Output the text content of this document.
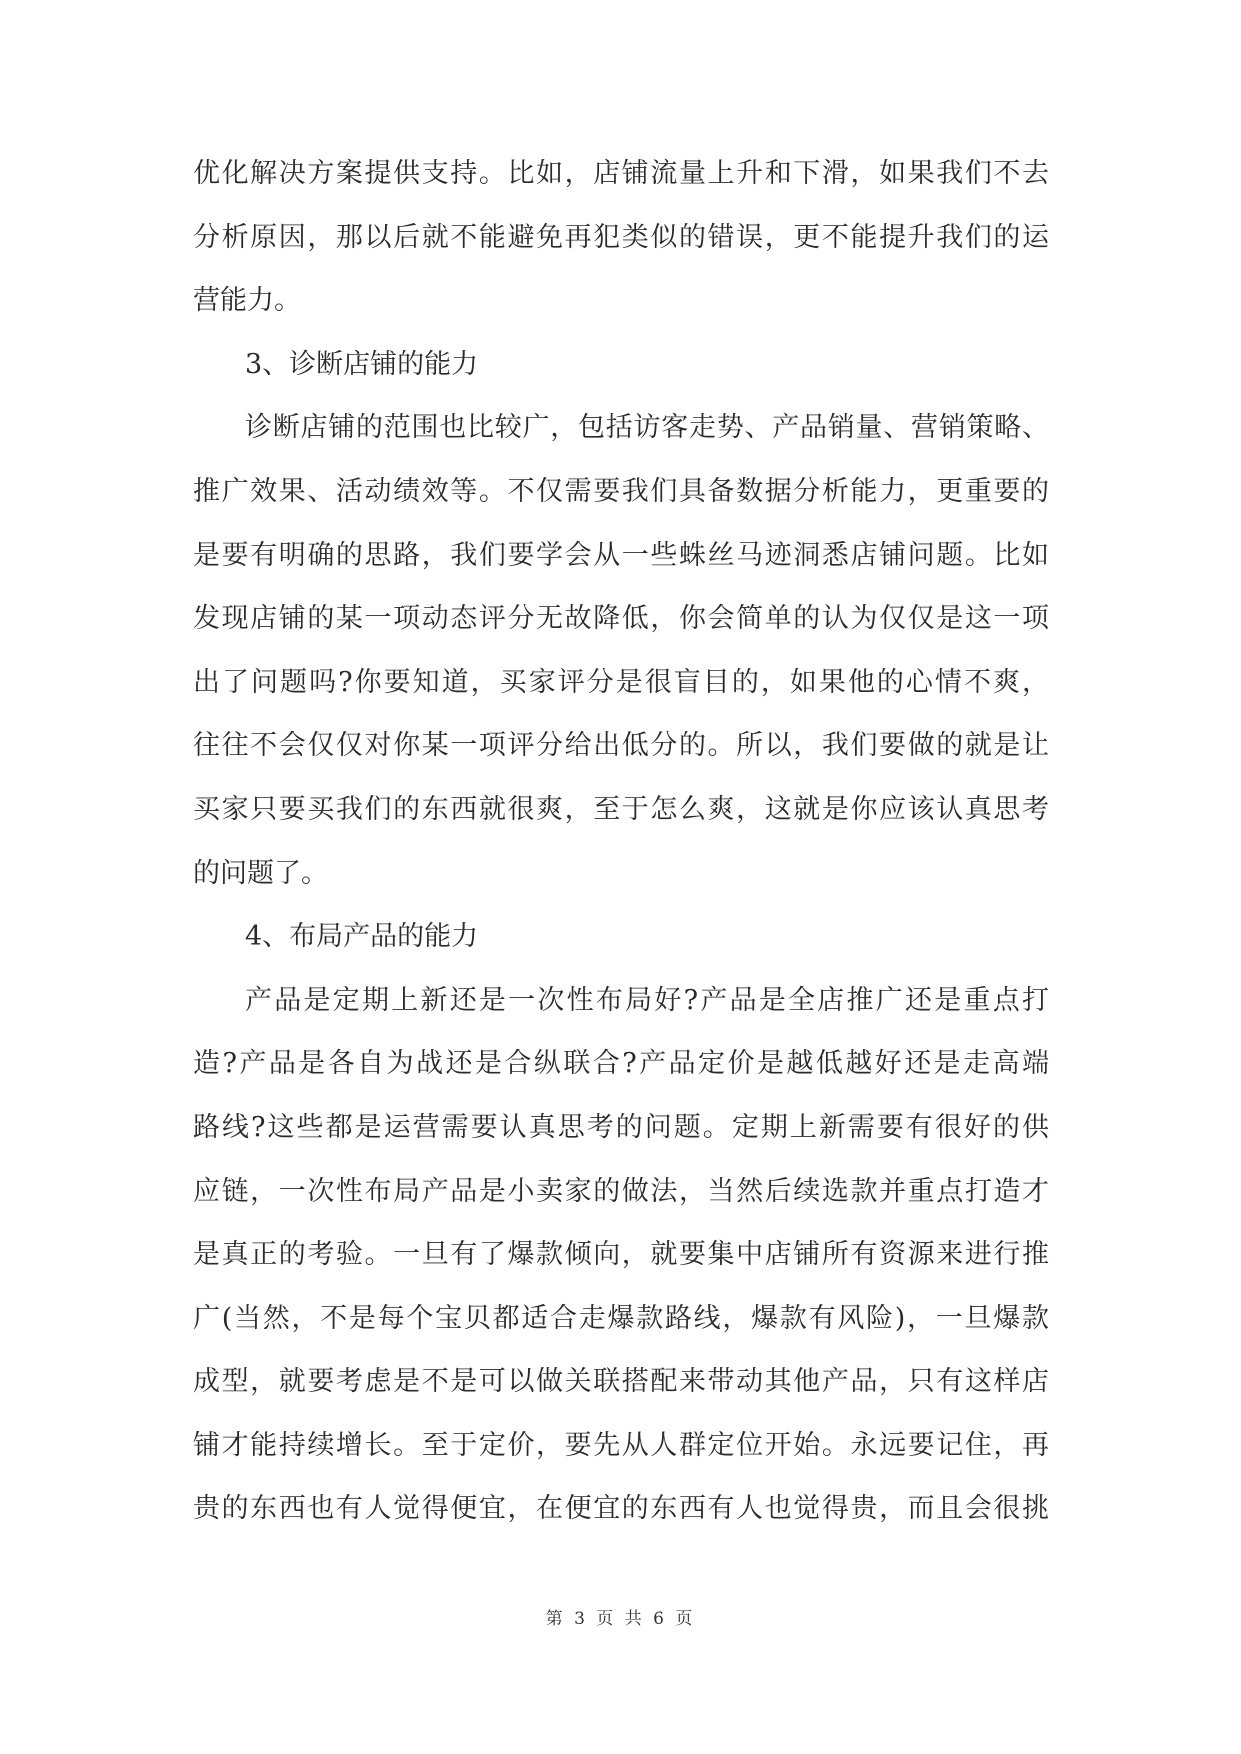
优化解决方案提供支持。比如，店铺流量上升和下滑，如果我们不去
分析原因，那以后就不能避免再犯类似的错误，更不能提升我们的运
营能力。
3、诊断店铺的能力
诊断店铺的范围也比较广，包括访客走势、产品销量、营销策略、
推广效果、活动绩效等。不仅需要我们具备数据分析能力，更重要的
是要有明确的思路，我们要学会从一些蛛丝马迹洞悉店铺问题。比如
发现店铺的某一项动态评分无故降低，你会简单的认为仅仅是这一项
出了问题吗?你要知道，买家评分是很盲目的，如果他的心情不爽，
往往不会仅仅对你某一项评分给出低分的。所以，我们要做的就是让
买家只要买我们的东西就很爽，至于怎么爽，这就是你应该认真思考
的问题了。
4、布局产品的能力
产品是定期上新还是一次性布局好?产品是全店推广还是重点打
造?产品是各自为战还是合纵联合?产品定价是越低越好还是走高端
路线?这些都是运营需要认真思考的问题。定期上新需要有很好的供
应链，一次性布局产品是小卖家的做法，当然后续选款并重点打造才
是真正的考验。一旦有了爆款倾向，就要集中店铺所有资源来进行推
广(当然，不是每个宝贝都适合走爆款路线，爆款有风险)，一旦爆款
成型，就要考虑是不是可以做关联搭配来带动其他产品，只有这样店
铺才能持续增长。至于定价，要先从人群定位开始。永远要记住，再
贵的东西也有人觉得便宜，在便宜的东西有人也觉得贵，而且会很挑
第 3 页 共 6 页
